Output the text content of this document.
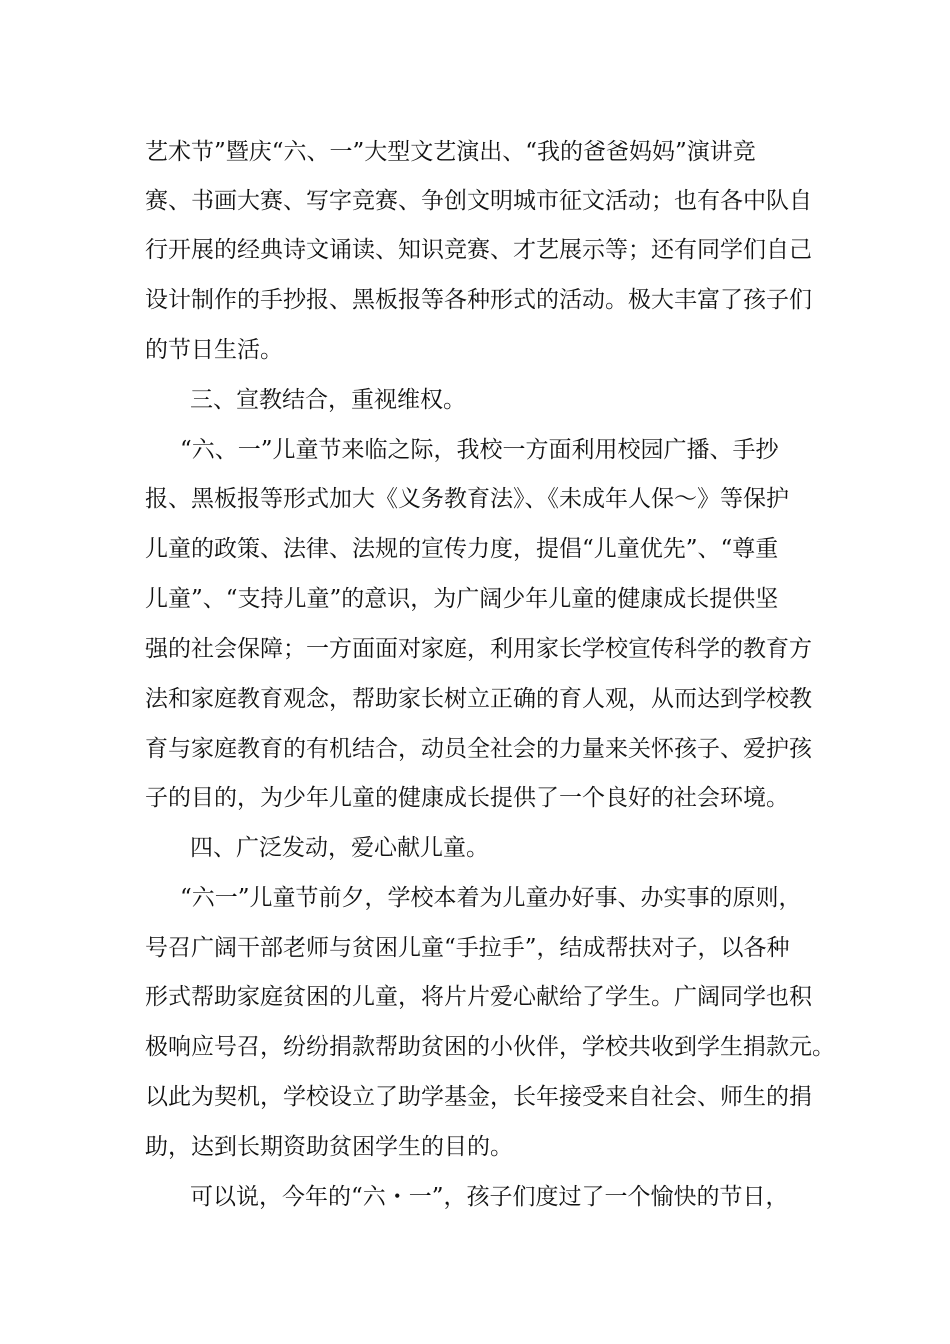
艺术节”暨庆“六、一”大型文艺演出、“我的爸爸妈妈”演讲竞
赛、书画大赛、写字竞赛、争创文明城市征文活动；也有各中队自
行开展的经典诗文诵读、知识竞赛、才艺展示等；还有同学们自己
设计制作的手抄报、黑板报等各种形式的活动。极大丰富了孩子们
的节日生活。
三、宣教结合，重视维权。
“六、一”儿童节来临之际，我校一方面利用校园广播、手抄
报、黑板报等形式加大《义务教育法》、《未成年人保～》等保护
儿童的政策、法律、法规的宣传力度，提倡“儿童优先”、“尊重
儿童”、“支持儿童”的意识，为广阔少年儿童的健康成长提供坚
强的社会保障；一方面面对家庭，利用家长学校宣传科学的教育方
法和家庭教育观念，帮助家长树立正确的育人观，从而达到学校教
育与家庭教育的有机结合，动员全社会的力量来关怀孩子、爱护孩
子的目的，为少年儿童的健康成长提供了一个良好的社会环境。
四、广泛发动，爱心献儿童。
“六一”儿童节前夕，学校本着为儿童办好事、办实事的原则，
号召广阔干部老师与贫困儿童“手拉手”，结成帮扶对子，以各种
形式帮助家庭贫困的儿童，将片片爱心献给了学生。广阔同学也积
极响应号召，纷纷捐款帮助贫困的小伙伴，学校共收到学生捐款元。
以此为契机，学校设立了助学基金，长年接受来自社会、师生的捐
助，达到长期资助贫困学生的目的。
可以说，今年的“六・一”，孩子们度过了一个愉快的节日，
